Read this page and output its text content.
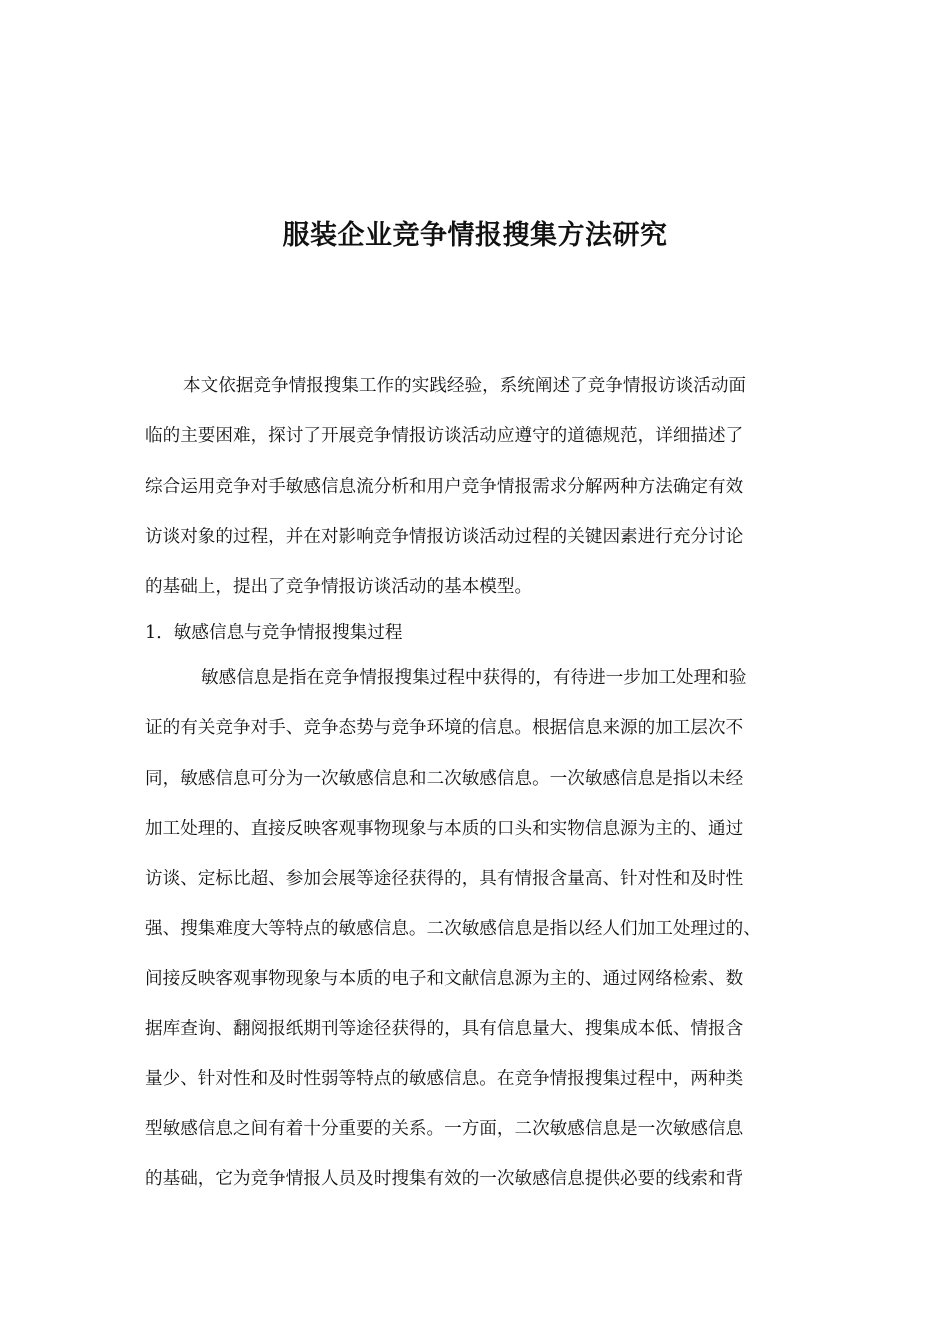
服装企业竞争情报搜集方法研究
本文依据竞争情报搜集工作的实践经验，系统阐述了竞争情报访谈活动面
临的主要困难，探讨了开展竞争情报访谈活动应遵守的道德规范，详细描述了
综合运用竞争对手敏感信息流分析和用户竞争情报需求分解两种方法确定有效
访谈对象的过程，并在对影响竞争情报访谈活动过程的关键因素进行充分讨论
的基础上，提出了竞争情报访谈活动的基本模型。
1．敏感信息与竞争情报搜集过程
敏感信息是指在竞争情报搜集过程中获得的，有待进一步加工处理和验
证的有关竞争对手、竞争态势与竞争环境的信息。根据信息来源的加工层次不
同，敏感信息可分为一次敏感信息和二次敏感信息。一次敏感信息是指以未经
加工处理的、直接反映客观事物现象与本质的口头和实物信息源为主的、通过
访谈、定标比超、参加会展等途径获得的，具有情报含量高、针对性和及时性
强、搜集难度大等特点的敏感信息。二次敏感信息是指以经人们加工处理过的、
间接反映客观事物现象与本质的电子和文献信息源为主的、通过网络检索、数
据库查询、翻阅报纸期刊等途径获得的，具有信息量大、搜集成本低、情报含
量少、针对性和及时性弱等特点的敏感信息。在竞争情报搜集过程中，两种类
型敏感信息之间有着十分重要的关系。一方面，二次敏感信息是一次敏感信息
的基础，它为竞争情报人员及时搜集有效的一次敏感信息提供必要的线索和背
